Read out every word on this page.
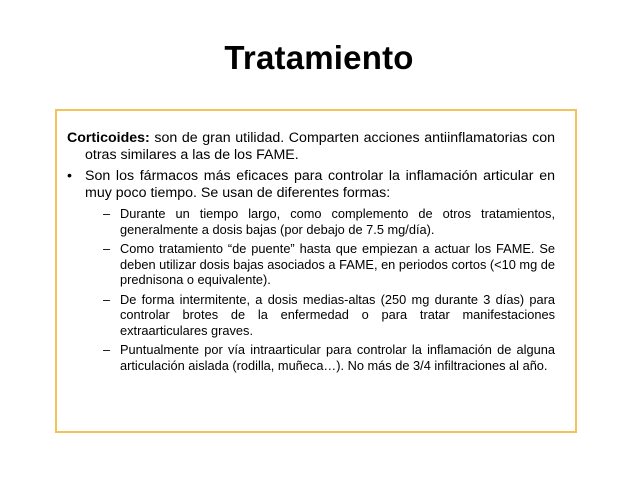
Tratamiento
Corticoides: son de gran utilidad. Comparten acciones antiinflamatorias con otras similares a las de los FAME.
• Son los fármacos más eficaces para controlar la inflamación articular en muy poco tiempo. Se usan de diferentes formas:
– Durante un tiempo largo, como complemento de otros tratamientos, generalmente a dosis bajas (por debajo de 7.5 mg/día).
– Como tratamiento “de puente” hasta que empiezan a actuar los FAME. Se deben utilizar dosis bajas asociados a FAME, en periodos cortos (<10 mg de prednisona o equivalente).
– De forma intermitente, a dosis medias-altas (250 mg durante 3 días) para controlar brotes de la enfermedad o para tratar manifestaciones extraarticulares graves.
– Puntualmente por vía intraarticular para controlar la inflamación de alguna articulación aislada (rodilla, muñeca…). No más de 3/4 infiltraciones al año.
